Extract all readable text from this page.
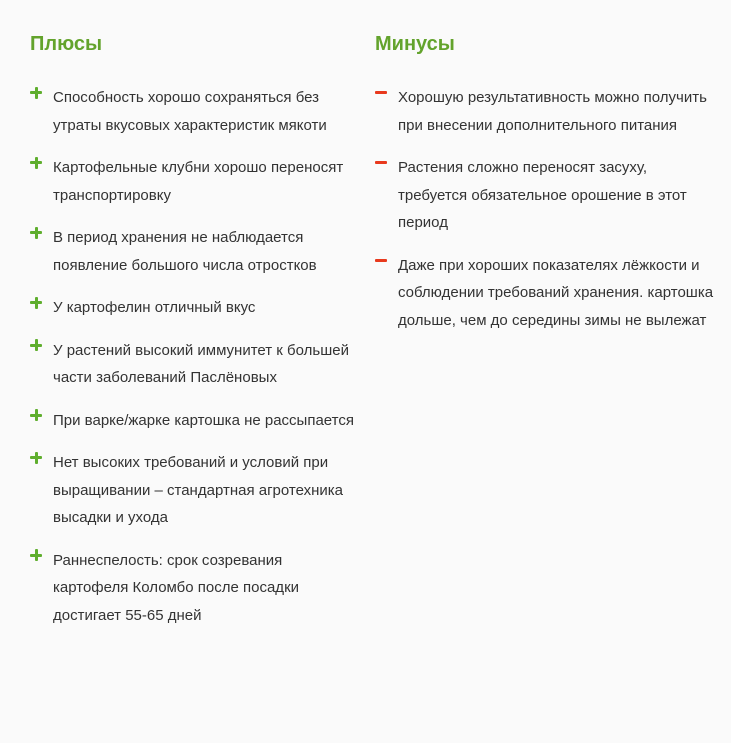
Плюсы
Способность хорошо сохраняться без утраты вкусовых характеристик мякоти
Картофельные клубни хорошо переносят транспортировку
В период хранения не наблюдается появление большого числа отростков
У картофелин отличный вкус
У растений высокий иммунитет к большей части заболеваний Паслёновых
При варке/жарке картошка не рассыпается
Нет высоких требований и условий при выращивании – стандартная агротехника высадки и ухода
Раннеспелость: срок созревания картофеля Коломбо после посадки достигает 55-65 дней
Минусы
Хорошую результативность можно получить при внесении дополнительного питания
Растения сложно переносят засуху, требуется обязательное орошение в этот период
Даже при хороших показателях лёжкости и соблюдении требований хранения. картошка дольше, чем до середины зимы не вылежат
